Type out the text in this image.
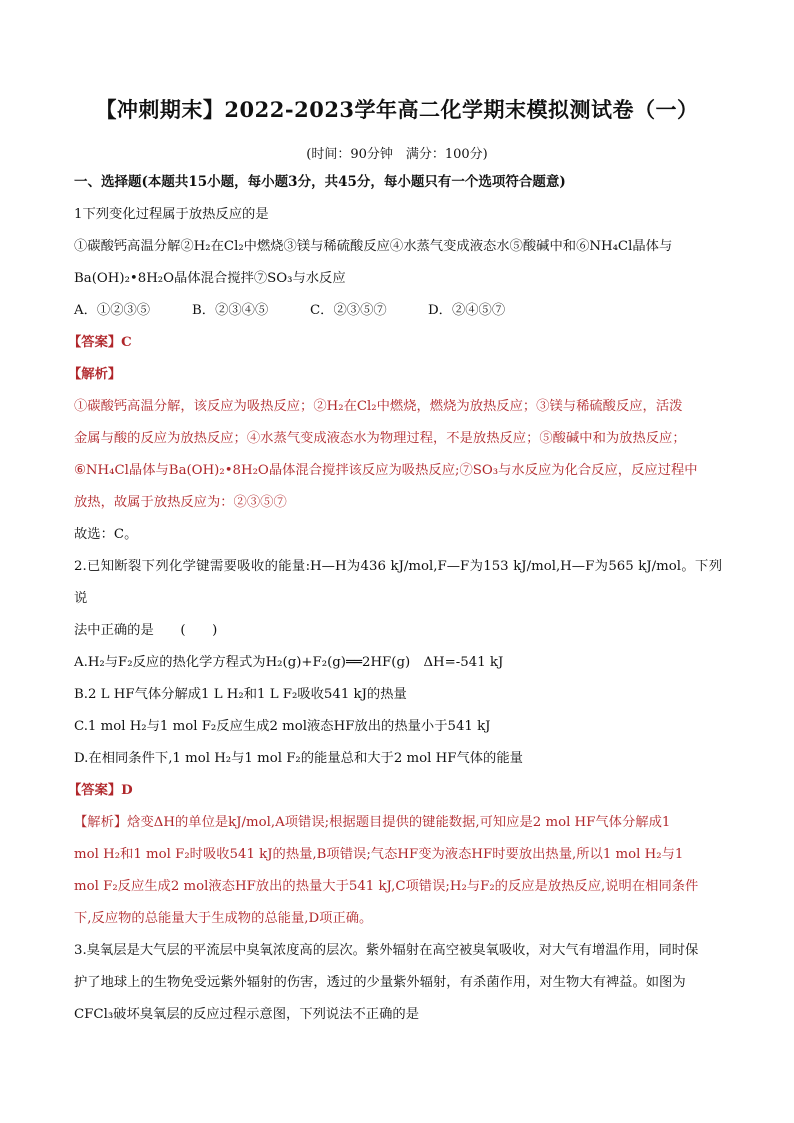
【冲刺期末】2022-2023学年高二化学期末模拟测试卷（一）
(时间：90分钟　满分：100分)
一、选择题(本题共15小题，每小题3分，共45分，每小题只有一个选项符合题意)

1下列变化过程属于放热反应的是

①碳酸钙高温分解②H₂在Cl₂中燃烧③镁与稀硫酸反应④水蒸气变成液态水⑤酸碱中和⑥NH₄Cl晶体与

Ba(OH)₂•8H₂O晶体混合搅拌⑦SO₃与水反应

A．①②③⑤	B．②③④⑤	C．②③⑤⑦	D．②④⑤⑦

【答案】C

【解析】

①碳酸钙高温分解，该反应为吸热反应；②H₂在Cl₂中燃烧，燃烧为放热反应；③镁与稀硫酸反应，活泼

金属与酸的反应为放热反应；④水蒸气变成液态水为物理过程，不是放热反应；⑤酸碱中和为放热反应；

⑥NH₄Cl晶体与Ba(OH)₂•8H₂O晶体混合搅拌该反应为吸热反应;⑦SO₃与水反应为化合反应，反应过程中

放热，故属于放热反应为：②③⑤⑦

故选：C。

2.已知断裂下列化学键需要吸收的能量:H—H为436 kJ/mol,F—F为153 kJ/mol,H—F为565 kJ/mol。下列说

法中正确的是　　(　　)

A.H₂与F₂反应的热化学方程式为H₂(g)+F₂(g)══2HF(g)　ΔH=-541 kJ

B.2 L HF气体分解成1 L H₂和1 L F₂吸收541 kJ的热量

C.1 mol H₂与1 mol F₂反应生成2 mol液态HF放出的热量小于541 kJ

D.在相同条件下,1 mol H₂与1 mol F₂的能量总和大于2 mol HF气体的能量

【答案】D

【解析】焓变ΔH的单位是kJ/mol,A项错误;根据题目提供的键能数据,可知应是2 mol HF气体分解成1

mol H₂和1 mol F₂时吸收541 kJ的热量,B项错误;气态HF变为液态HF时要放出热量,所以1 mol H₂与1

mol F₂反应生成2 mol液态HF放出的热量大于541 kJ,C项错误;H₂与F₂的反应是放热反应,说明在相同条件

下,反应物的总能量大于生成物的总能量,D项正确。

3.臭氧层是大气层的平流层中臭氧浓度高的层次。紫外辐射在高空被臭氧吸收，对大气有增温作用，同时保

护了地球上的生物免受远紫外辐射的伤害，透过的少量紫外辐射，有杀菌作用，对生物大有裨益。如图为

CFCl₃破坏臭氧层的反应过程示意图，下列说法不正确的是
